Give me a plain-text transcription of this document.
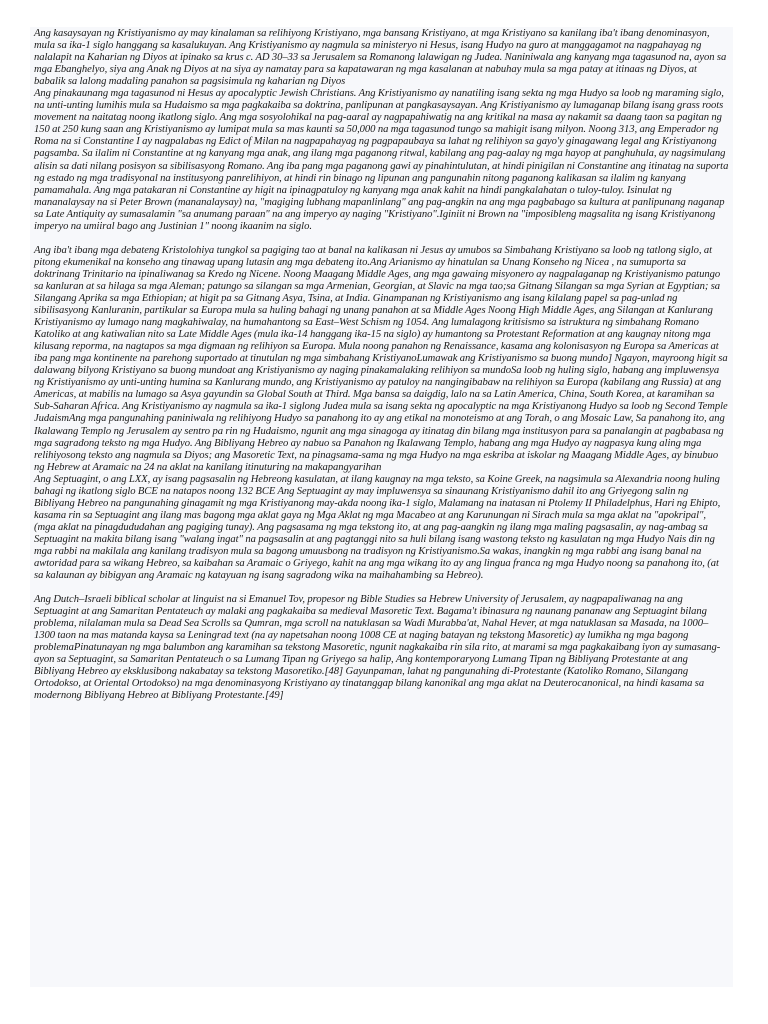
Ang kasaysayan ng Kristiyanismo ay may kinalaman sa relihiyong Kristiyano, mga bansang Kristiyano, at mga Kristiyano sa kanilang iba't ibang denominasyon, mula sa ika-1 siglo hanggang sa kasalukuyan. Ang Kristiyanismo ay nagmula sa ministeryo ni Hesus, isang Hudyo na guro at manggagamot na nagpahayag ng nalalapit na Kaharian ng Diyos at ipinako sa krus c. AD 30–33 sa Jerusalem sa Romanong lalawigan ng Judea. Naniniwala ang kanyang mga tagasunod na, ayon sa mga Ebanghelyo, siya ang Anak ng Diyos at na siya ay namatay para sa kapatawaran ng mga kasalanan at nabuhay mula sa mga patay at itinaas ng Diyos, at babalik sa lalong madaling panahon sa pagsisimula ng kaharian ng Diyos

Ang pinakaunang mga tagasunod ni Hesus ay apocalyptic Jewish Christians. Ang Kristiyanismo ay nanatiling isang sekta ng mga Hudyo sa loob ng maraming siglo, na unti-unting lumihis mula sa Hudaismo sa mga pagkakaiba sa doktrina, panlipunan at pangkasaysayan. Ang Kristiyanismo ay lumaganap bilang isang grass roots movement na naitatag noong ikatlong siglo. Ang mga sosyolohikal na pag-aaral ay nagpapahiwatig na ang kritikal na masa ay nakamit sa daang taon sa pagitan ng 150 at 250 kung saan ang Kristiyanismo ay lumipat mula sa mas kaunti sa 50,000 na mga tagasunod tungo sa mahigit isang milyon. Noong 313, ang Emperador ng Roma na si Constantine I ay nagpalabas ng Edict of Milan na nagpapahayag ng pagpapaubaya sa lahat ng relihiyon sa gayo'y ginagawang legal ang Kristiyanong pagsamba. Sa ilalim ni Constantine at ng kanyang mga anak, ang ilang mga paganong ritwal, kabilang ang pag-aalay ng mga hayop at panghuhula, ay nagsimulang alisin sa dati nilang posisyon sa sibilisasyong Romano. Ang iba pang mga paganong gawi ay pinahintulutan, at hindi pinigilan ni Constantine ang itinatag na suporta ng estado ng mga tradisyonal na institusyong panrelihiyon, at hindi rin binago ng lipunan ang pangunahin nitong paganong kalikasan sa ilalim ng kanyang pamamahala. Ang mga patakaran ni Constantine ay higit na ipinagpatuloy ng kanyang mga anak kahit na hindi pangkalahatan o tuloy-tuloy. Isinulat ng mananalaysay na si Peter Brown (mananalaysay) na, "magiging lubhang mapanlinlang" ang pag-angkin na ang mga pagbabago sa kultura at panlipunang naganap sa Late Antiquity ay sumasalamin "sa anumang paraan" na ang imperyo ay naging "Kristiyano".Iginiit ni Brown na "imposibleng magsalita ng isang Kristiyanong imperyo na umiiral bago ang Justinian 1" noong ikaanim na siglo.

Ang iba't ibang mga debateng Kristolohiya tungkol sa pagiging tao at banal na kalikasan ni Jesus ay umubos sa Simbahang Kristiyano sa loob ng tatlong siglo, at pitong ekumenikal na konseho ang tinawag upang lutasin ang mga debateng ito.Ang Arianismo ay hinatulan sa Unang Konseho ng Nicea , na sumuporta sa doktrinang Trinitario na ipinaliwanag sa Kredo ng Nicene. Noong Maagang Middle Ages, ang mga gawaing misyonero ay nagpalaganap ng Kristiyanismo patungo sa kanluran at sa hilaga sa mga Aleman; patungo sa silangan sa mga Armenian, Georgian, at Slavic na mga tao;sa Gitnang Silangan sa mga Syrian at Egyptian; sa Silangang Aprika sa mga Ethiopian; at higit pa sa Gitnang Asya, Tsina, at India. Ginampanan ng Kristiyanismo ang isang kilalang papel sa pag-unlad ng sibilisasyong Kanluranin, partikular sa Europa mula sa huling bahagi ng unang panahon at sa Middle Ages Noong High Middle Ages, ang Silangan at Kanlurang Kristiyanismo ay lumago nang magkahiwalay, na humahantong sa East–West Schism ng 1054. Ang lumalagong kritisismo sa istruktura ng simbahang Romano Katoliko at ang katiwalian nito sa Late Middle Ages (mula ika-14 hanggang ika-15 na siglo) ay humantong sa Protestant Reformation at ang kaugnay nitong mga kilusang reporma, na nagtapos sa mga digmaan ng relihiyon sa Europa. Mula noong panahon ng Renaissance, kasama ang kolonisasyon ng Europa sa Americas at iba pang mga kontinente na parehong suportado at tinutulan ng mga simbahang KristiyanoLumawak ang Kristiyanismo sa buong mundo] Ngayon, mayroong higit sa dalawang bilyong Kristiyano sa buong mundoat ang Kristiyanismo ay naging pinakamalaking relihiyon sa mundoSa loob ng huling siglo, habang ang impluwensya ng Kristiyanismo ay unti-unting humina sa Kanlurang mundo, ang Kristiyanismo ay patuloy na nangingibabaw na relihiyon sa Europa (kabilang ang Russia) at ang Americas, at mabilis na lumago sa Asya gayundin sa Global South at Third. Mga bansa sa daigdig, lalo na sa Latin America, China, South Korea, at karamihan sa Sub-Saharan Africa. Ang Kristiyanismo ay nagmula sa ika-1 siglong Judea mula sa isang sekta ng apocalyptic na mga Kristiyanong Hudyo sa loob ng Second Temple JudaismAng mga pangunahing paniniwala ng relihiyong Hudyo sa panahong ito ay ang etikal na monoteismo at ang Torah, o ang Mosaic Law, Sa panahong ito, ang Ikalawang Templo ng Jerusalem ay sentro pa rin ng Hudaismo, ngunit ang mga sinagoga ay itinatag din bilang mga institusyon para sa panalangin at pagbabasa ng mga sagradong teksto ng mga Hudyo. Ang Bibliyang Hebreo ay nabuo sa Panahon ng Ikalawang Templo, habang ang mga Hudyo ay nagpasya kung aling mga relihiyosong teksto ang nagmula sa Diyos; ang Masoretic Text, na pinagsama-sama ng mga Hudyo na mga eskriba at iskolar ng Maagang Middle Ages, ay binubuo ng Hebrew at Aramaic na 24 na aklat na kanilang itinuturing na makapangyarihan

Ang Septuagint, o ang LXX, ay isang pagsasalin ng Hebreong kasulatan, at ilang kaugnay na mga teksto, sa Koine Greek, na nagsimula sa Alexandria noong huling bahagi ng ikatlong siglo BCE na natapos noong 132 BCE Ang Septuagint ay may impluwensya sa sinaunang Kristiyanismo dahil ito ang Griyegong salin ng Bibliyang Hebreo na pangunahing ginagamit ng mga Kristiyanong may-akda noong ika-1 siglo, Malamang na inatasan ni Ptolemy II Philadelphus, Hari ng Ehipto, kasama rin sa Septuagint ang ilang mas bagong mga aklat gaya ng Mga Aklat ng mga Macabeo at ang Karunungan ni Sirach mula sa mga aklat na "apokripal", (mga aklat na pinagdududahan ang pagiging tunay). Ang pagsasama ng mga tekstong ito, at ang pag-aangkin ng ilang mga maling pagsasalin, ay nag-ambag sa Septuagint na makita bilang isang "walang ingat" na pagsasalin at ang pagtanggi nito sa huli bilang isang wastong teksto ng kasulatan ng mga Hudyo Nais din ng mga rabbi na makilala ang kanilang tradisyon mula sa bagong umuusbong na tradisyon ng Kristiyanismo.Sa wakas, inangkin ng mga rabbi ang isang banal na awtoridad para sa wikang Hebreo, sa kaibahan sa Aramaic o Griyego, kahit na ang mga wikang ito ay ang lingua franca ng mga Hudyo noong sa panahong ito, (at sa kalaunan ay bibigyan ang Aramaic ng katayuan ng isang sagradong wika na maihahambing sa Hebreo).

Ang Dutch–Israeli biblical scholar at linguist na si Emanuel Tov, propesor ng Bible Studies sa Hebrew University of Jerusalem, ay nagpapaliwanag na ang Septuagint at ang Samaritan Pentateuch ay malaki ang pagkakaiba sa medieval Masoretic Text. Bagama't ibinasura ng naunang pananaw ang Septuagint bilang problema, nilalaman mula sa Dead Sea Scrolls sa Qumran, mga scroll na natuklasan sa Wadi Murabba'at, Nahal Hever, at mga natuklasan sa Masada, na 1000–1300 taon na mas matanda kaysa sa Leningrad text (na ay napetsahan noong 1008 CE at naging batayan ng tekstong Masoretic) ay lumikha ng mga bagong problemaPinatunayan ng mga balumbon ang karamihan sa tekstong Masoretic, ngunit nagkakaiba rin sila rito, at marami sa mga pagkakaibang iyon ay sumasang-ayon sa Septuagint, sa Samaritan Pentateuch o sa Lumang Tipan ng Griyego sa halip, Ang kontemporaryong Lumang Tipan ng Bibliyang Protestante at ang Bibliyang Hebreo ay eksklusibong nakabatay sa tekstong Masoretiko.[48] Gayunpaman, lahat ng pangunahing di-Protestante (Katoliko Romano, Silangang Ortodokso, at Oriental Ortodokso) na mga denominasyong Kristiyano ay tinatanggap bilang kanonikal ang mga aklat na Deuterocanonical, na hindi kasama sa modernong Bibliyang Hebreo at Bibliyang Protestante.[49]
